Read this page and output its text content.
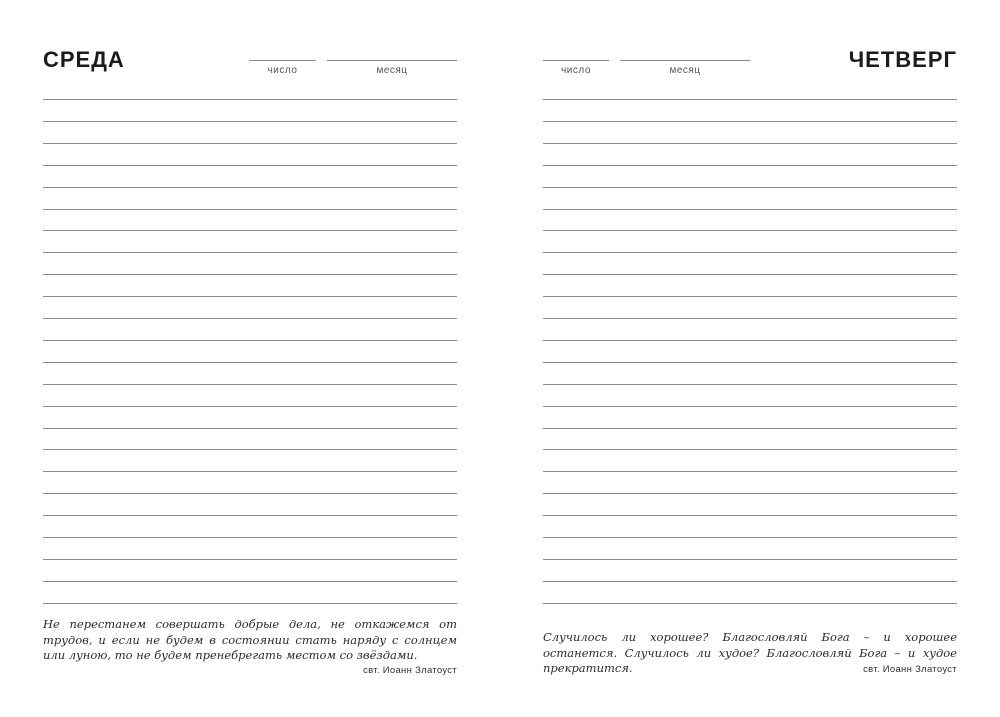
СРЕДА	число	месяц

Не перестанем совершать добрые дела, не откажемся от трудов, и если не будем в состоянии стать наряду с солнцем или луною, то не будем пренебрегать местом со звёздами.

свт. Иоанн Златоуст
число	месяц	ЧЕТВЕРГ

Случилось ли хорошее? Благословляй Бога – и хорошее останется. Случилось ли худое? Благословляй Бога – и худое прекратится.	свт. Иоанн Златоуст
